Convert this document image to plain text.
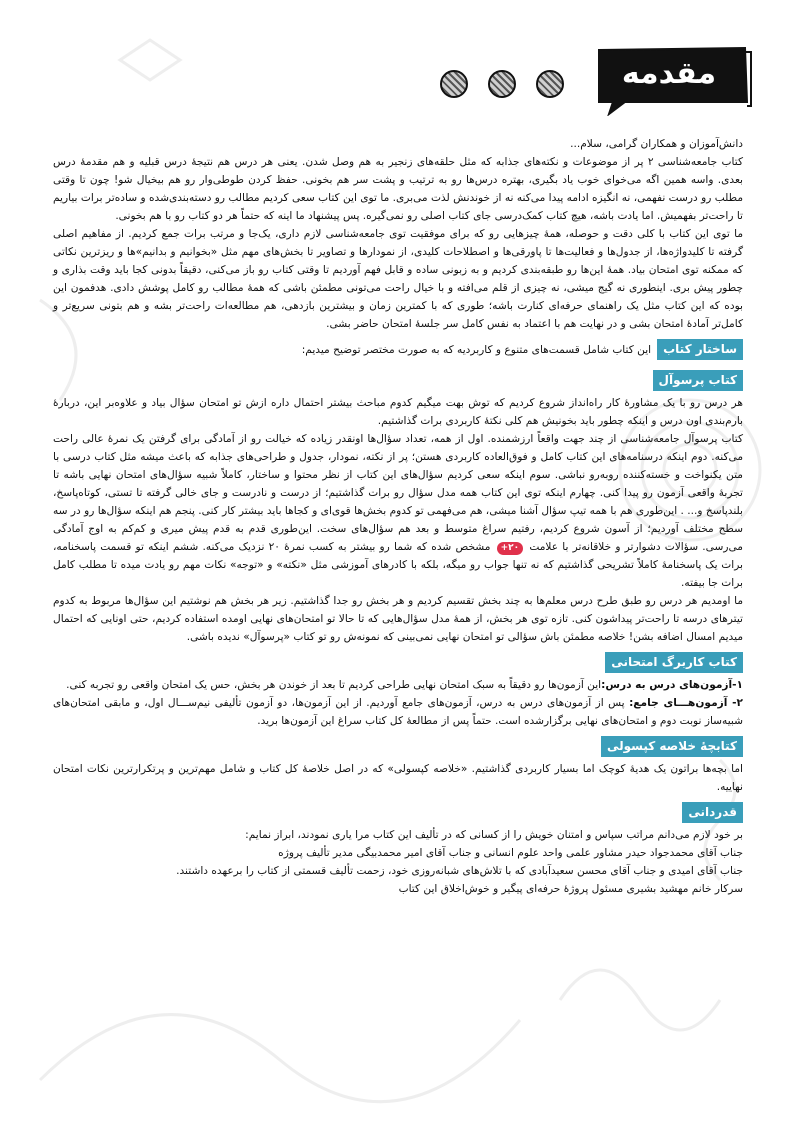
مقدمه

دانش‌آموزان و همکاران گرامی، سلام...

کتاب جامعه‌شناسی ۲ پر از موضوعات و نکته‌های جذابه که مثل حلقه‌های زنجیر به هم وصل شدن. یعنی هر درس هم نتیجهٔ درس قبلیه و هم مقدمهٔ درس بعدی. واسه همین اگه می‌خوای خوب یاد بگیری، بهتره درس‌ها رو به ترتیب و پشت سر هم بخونی. حفظ کردن طوطی‌وار رو هم بیخیال شو! چون تا وقتی مطلب رو درست نفهمی، نه انگیزه ادامه پیدا می‌کنه نه از خوندنش لذت می‌بری. ما توی این کتاب سعی کردیم مطالب رو دسته‌بندی‌شده و ساده‌تر برات بیاریم تا راحت‌تر بفهمیش. اما یادت باشه، هیچ کتاب کمک‌درسی جای کتاب اصلی رو نمی‌گیره. پس پیشنهاد ما اینه که حتماً هر دو کتاب رو با هم بخونی.

ما توی این کتاب با کلی دقت و حوصله، همهٔ چیزهایی رو که برای موفقیت توی جامعه‌شناسی لازم داری، یک‌جا و مرتب برات جمع کردیم. از مفاهیم اصلی گرفته تا کلیدواژه‌ها، از جدول‌ها و فعالیت‌ها تا پاورقی‌ها و اصطلاحات کلیدی، از نمودارها و تصاویر تا بخش‌های مهم مثل «بخوانیم و بدانیم»ها و ریزترین نکاتی که ممکنه توی امتحان بیاد. همهٔ این‌ها رو طبقه‌بندی کردیم و به زبونی ساده و قابل فهم آوردیم تا وقتی کتاب رو باز می‌کنی، دقیقاً بدونی کجا باید وقت بذاری و چطور پیش بری. اینطوری نه گیج میشی، نه چیزی از قلم می‌افته و با خیال راحت می‌تونی مطمئن باشی که همهٔ مطالب رو کامل پوشش دادی. هدفمون این بوده که این کتاب مثل یک راهنمای حرفه‌ای کنارت باشه؛ طوری که با کمترین زمان و بیشترین بازدهی، هم مطالعه‌ات راحت‌تر بشه و هم بتونی سریع‌تر و کامل‌تر آمادهٔ امتحان بشی و در نهایت هم با اعتماد به نفس کامل سر جلسهٔ امتحان حاضر بشی.

ساختار کتاباین کتاب شامل قسمت‌های متنوع و کاربردیه که به صورت مختصر توضیح میدیم:
کتاب پرسوآل

هر درس رو با یک مشاورهٔ کار راه‌انداز شروع کردیم که توش بهت میگیم کدوم مباحث بیشتر احتمال داره ازش تو امتحان سؤال بیاد و علاوه‌بر این، دربارهٔ بارم‌بندی اون درس و اینکه چطور باید بخونیش هم کلی نکتهٔ کاربردی برات گذاشتیم.

کتاب پرسوآل جامعه‌شناسی از چند جهت واقعاً ارزشمنده. اول از همه، تعداد سؤال‌ها اونقدر زیاده که خیالت رو از آمادگی برای گرفتن یک نمرهٔ عالی راحت می‌کنه. دوم اینکه درسنامه‌های این کتاب کامل و فوق‌العاده کاربردی هستن؛ پر از نکته، نمودار، جدول و طراحی‌های جذابه که باعث میشه مثل کتاب درسی با متن یکنواخت و خسته‌کننده روبه‌رو نباشی. سوم اینکه سعی کردیم سؤال‌های این کتاب از نظر محتوا و ساختار، کاملاً شبیه سؤال‌های امتحان نهایی باشه تا تجربهٔ واقعی آزمون رو پیدا کنی. چهارم اینکه توی این کتاب همه مدل سؤال رو برات گذاشتیم؛ از درست و نادرست و جای خالی گرفته تا تستی، کوتاه‌پاسخ، بلندپاسخ و... . این‌طوری هم با همه تیپ سؤال آشنا میشی، هم می‌فهمی تو کدوم بخش‌ها قوی‌ای و کجاها باید بیشتر کار کنی. پنجم هم اینکه سؤال‌ها رو در سه سطح مختلف آوردیم؛ از آسون شروع کردیم، رفتیم سراغ متوسط و بعد هم سؤال‌های سخت. این‌طوری قدم به قدم پیش میری و کم‌کم به اوج آمادگی می‌رسی. سؤالات دشوارتر و خلاقانه‌تر با علامت ۲۰+ مشخص شده که شما رو بیشتر به کسب نمرهٔ ۲۰ نزدیک می‌کنه. ششم اینکه تو قسمت پاسخنامه، برات یک پاسخنامهٔ کاملاً تشریحی گذاشتیم که نه تنها جواب رو میگه، بلکه با کادرهای آموزشی مثل «نکته» و «توجه» نکات مهم رو یادت میده تا مطلب کامل برات جا بیفته.

ما اومدیم هر درس رو طبق طرح درس معلم‌ها به چند بخش تقسیم کردیم و هر بخش رو جدا گذاشتیم. زیر هر بخش هم نوشتیم این سؤال‌ها مربوط به کدوم تیترهای درسه تا راحت‌تر پیداشون کنی. تازه توی هر بخش، از همهٔ مدل سؤال‌هایی که تا حالا تو امتحان‌های نهایی اومده استفاده کردیم، حتی اونایی که احتمال میدیم امسال اضافه بشن! خلاصه مطمئن باش سؤالی تو امتحان نهایی نمی‌بینی که نمونه‌ش رو تو کتاب «پرسوآل» ندیده باشی.

کتاب کاربرگ امتحانی

۱-آزمون‌های درس به درس:این آزمون‌ها رو دقیقاً به سبک امتحان نهایی طراحی کردیم تا بعد از خوندن هر بخش، حس یک امتحان واقعی رو تجربه کنی.

۲- آزمون‌هـــای جامع: پس از آزمون‌های درس به درس، آزمون‌های جامع آوردیم. از این آزمون‌ها، دو آزمون تألیفی نیم‌ســـال اول، و مابقی امتحان‌های شبیه‌ساز نوبت دوم و امتحان‌های نهایی برگزارشده است. حتماً پس از مطالعهٔ کل کتاب سراغ این آزمون‌ها برید.

کتابچهٔ خلاصه کپسولی

اما بچه‌ها براتون یک هدیهٔ کوچک اما بسیار کاربردی گذاشتیم. «خلاصه کپسولی» که در اصل خلاصهٔ کل کتاب و شامل مهم‌ترین و پرتکرارترین نکات امتحان نهاییه.

قدردانی

بر خود لازم می‌دانم مراتب سپاس و امتنان خویش را از کسانی که در تألیف این کتاب مرا یاری نمودند، ابراز نمایم:

جناب آقای محمدجواد حیدر مشاور علمی واحد علوم انسانی و جناب آقای امیر محمدبیگی مدیر تألیف پروژه

جناب آقای امیدی و جناب آقای محسن سعیدآبادی که با تلاش‌های شبانه‌روزی خود، زحمت تألیف قسمتی از کتاب را برعهده داشتند.

سرکار خانم مهشید بشیری مسئول پروژهٔ حرفه‌ای پیگیر و خوش‌اخلاق این کتاب
